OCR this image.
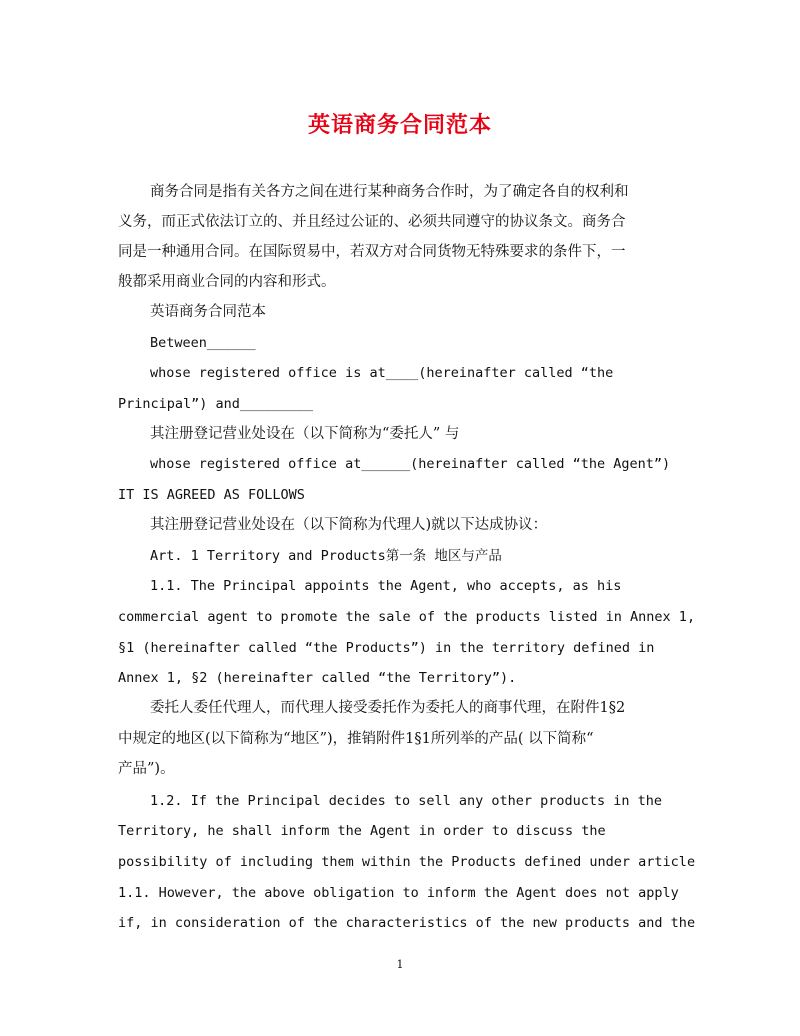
英语商务合同范本
商务合同是指有关各方之间在进行某种商务合作时，为了确定各自的权利和
义务，而正式依法订立的、并且经过公证的、必须共同遵守的协议条文。商务合
同是一种通用合同。在国际贸易中，若双方对合同货物无特殊要求的条件下，一
般都采用商业合同的内容和形式。
英语商务合同范本
Between______
whose registered office is at____(hereinafter called “the
Principal”) and_________
其注册登记营业处设在（以下简称为“委托人” 与
whose registered office at______(hereinafter called “the Agent”)
IT IS AGREED AS FOLLOWS
其注册登记营业处设在（以下简称为代理人)就以下达成协议：
Art. 1 Territory and Products第一条 地区与产品
1.1. The Principal appoints the Agent, who accepts, as his
commercial agent to promote the sale of the products listed in Annex 1,
§1 (hereinafter called “the Products”) in the territory defined in
Annex 1, §2 (hereinafter called “the Territory”).
委托人委任代理人，而代理人接受委托作为委托人的商事代理，在附件1§2
中规定的地区(以下简称为“地区”)，推销附件1§1所列举的产品( 以下简称“
产品”)。
1.2. If the Principal decides to sell any other products in the
Territory, he shall inform the Agent in order to discuss the
possibility of including them within the Products defined under article
1.1. However, the above obligation to inform the Agent does not apply
if, in consideration of the characteristics of the new products and the
1
